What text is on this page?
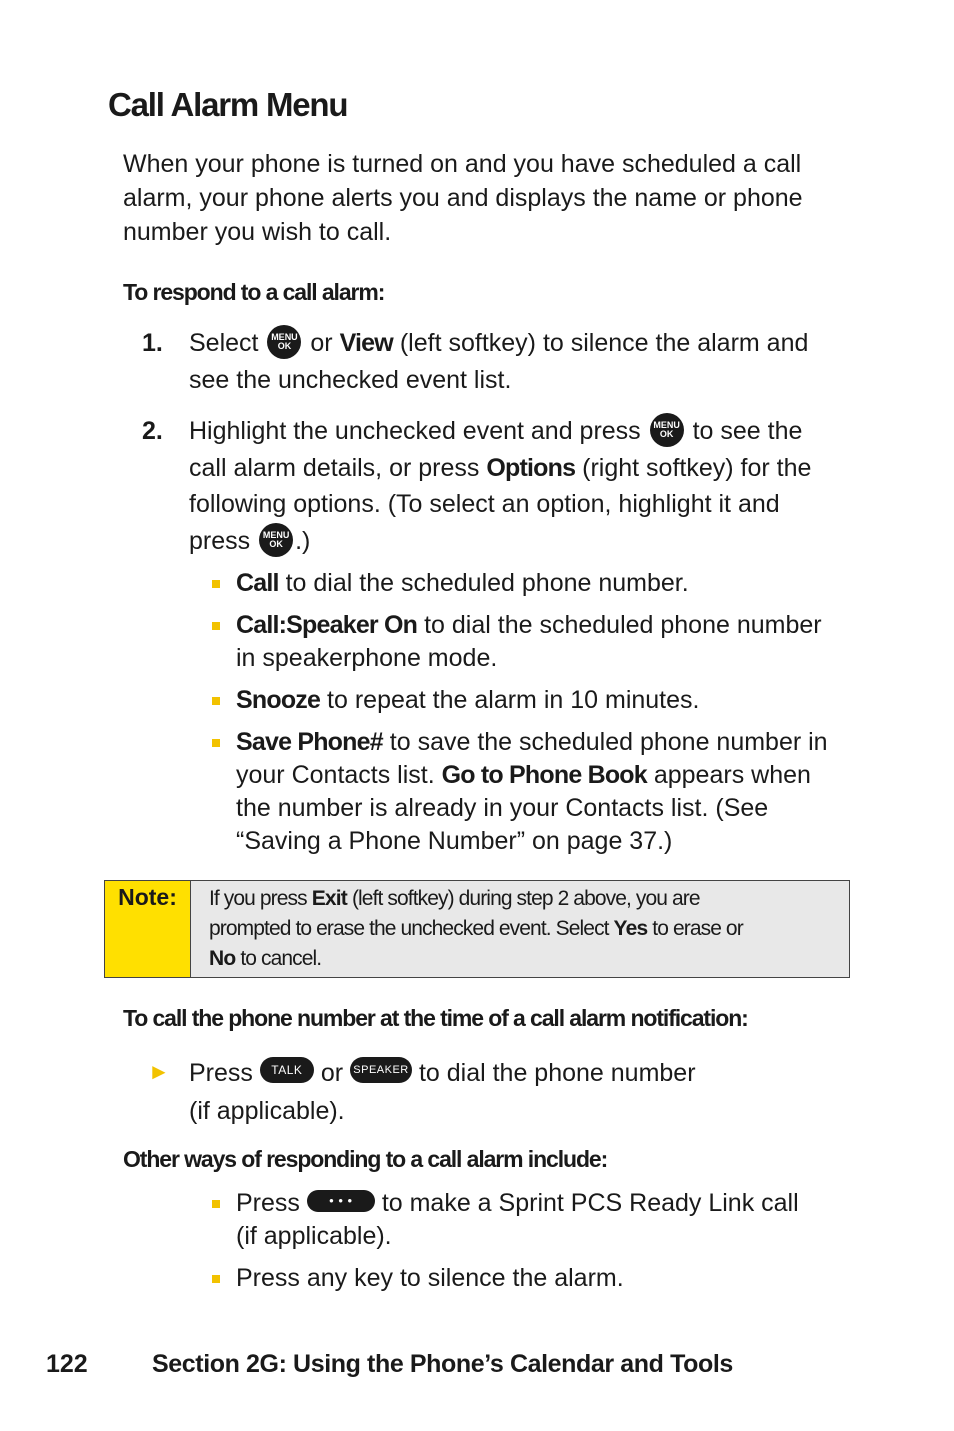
Call Alarm Menu
When your phone is turned on and you have scheduled a call alarm, your phone alerts you and displays the name or phone number you wish to call.
To respond to a call alarm:
1. Select	MENU
OK or View (left softkey) to silence the alarm and
see the unchecked event list.
2. Highlight the unchecked event and press	MENU
OK to see the
call alarm details, or press Options (right softkey) for the
following options. (To select an option, highlight it and
press	MENU
OK .)
Call to dial the scheduled phone number.
Call:Speaker On to dial the scheduled phone number
in speakerphone mode.
Snooze to repeat the alarm in 10 minutes.
Save Phone# to save the scheduled phone number in
your Contacts list. Go to Phone Book appears when
the number is already in your Contacts list. (See
“Saving a Phone Number” on page 37.)
Note:	If you press Exit (left softkey) during step 2 above, you are
prompted to erase the unchecked event. Select Yes to erase or
No to cancel.
To call the phone number at the time of a call alarm notification:
► Press TALK or SPEAKER to dial the phone number
(if applicable).
Other ways of responding to a call alarm include:
Press • • • to make a Sprint PCS Ready Link call
(if applicable).
Press any key to silence the alarm.
122	Section 2G: Using the Phone’s Calendar and Tools
